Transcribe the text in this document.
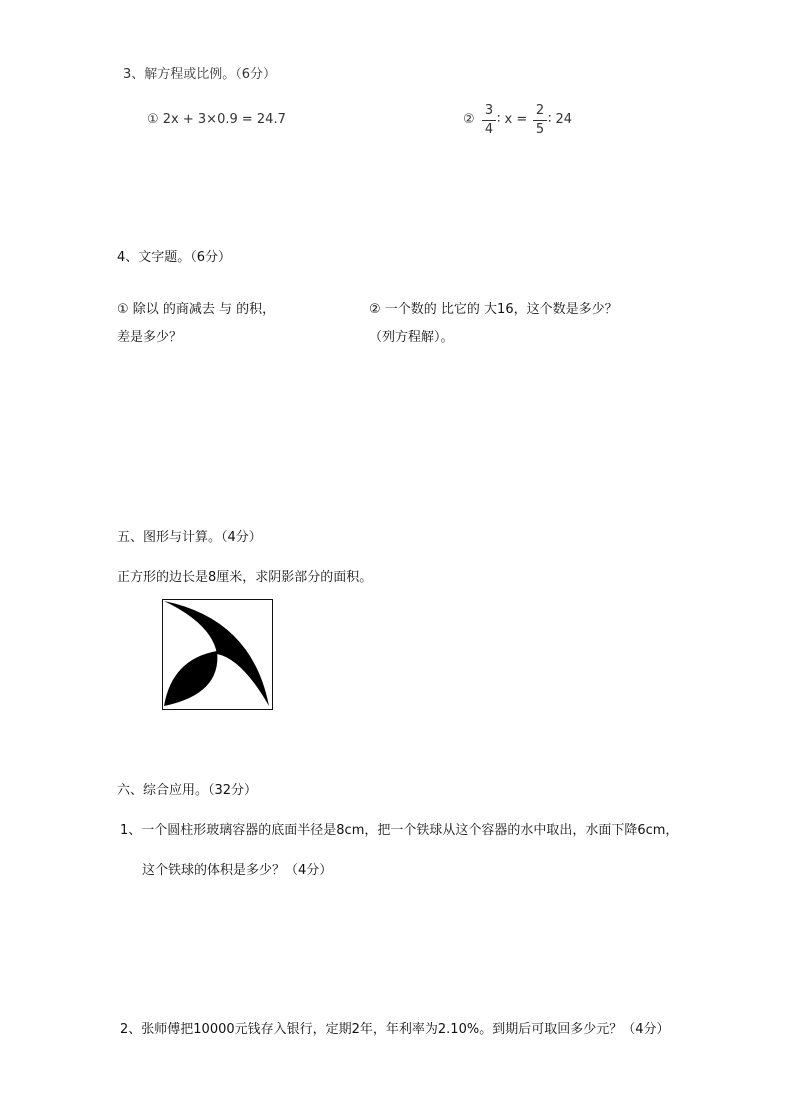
3、解方程或比例。（6分）
① 2x + 3×0.9 = 24.7	②
3
4
∶ x =
2
5
∶ 24
4、文字题。（6分）
① 除以 的商减去 与 的积，
差是多少？
② 一个数的 比它的 大16，这个数是多少？
（列方程解）。
五、图形与计算。（4分）
正方形的边长是8厘米，求阴影部分的面积。
六、综合应用。（32分）
1、一个圆柱形玻璃容器的底面半径是8cm，把一个铁球从这个容器的水中取出，水面下降6cm，
这个铁球的体积是多少？（4分）
2、张师傅把10000元钱存入银行，定期2年，年利率为2.10%。到期后可取回多少元？（4分）
